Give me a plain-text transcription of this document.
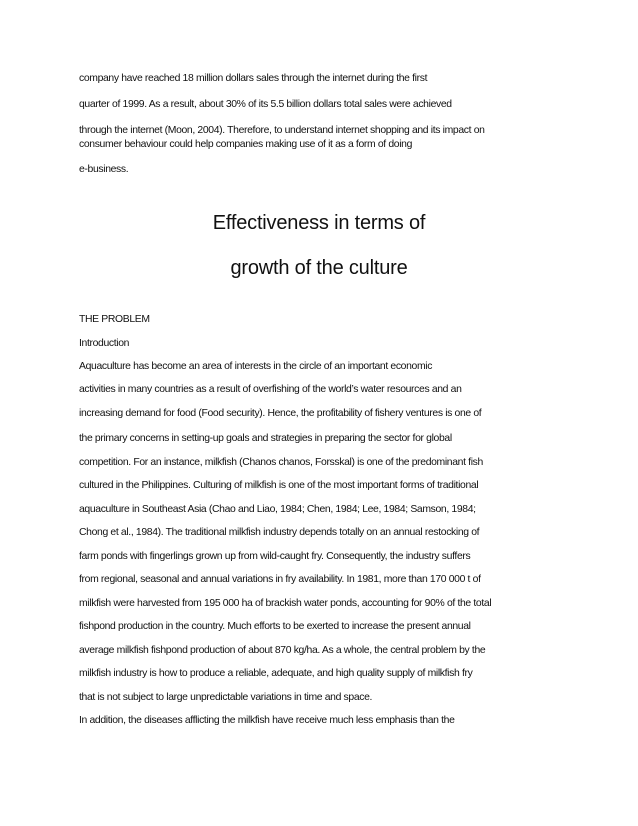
company have reached 18 million dollars sales through the internet during the first
quarter of 1999. As a result, about 30% of its 5.5 billion dollars total sales were achieved
through the internet (Moon, 2004). Therefore, to understand internet shopping and its impact on
consumer behaviour could help companies making use of it as a form of doing
e-business.
Effectiveness in terms of
growth of the culture
THE PROBLEM
Introduction
Aquaculture has become an area of interests in the circle of an important economic
activities in many countries as a result of overfishing of the world’s water resources and an
increasing demand for food (Food security). Hence, the profitability of fishery ventures is one of
the primary concerns in setting-up goals and strategies in preparing the sector for global
competition. For an instance, milkfish (Chanos chanos, Forsskal) is one of the predominant fish
cultured in the Philippines. Culturing of milkfish is one of the most important forms of traditional
aquaculture in Southeast Asia (Chao and Liao, 1984; Chen, 1984; Lee, 1984; Samson, 1984;
Chong et al., 1984). The traditional milkfish industry depends totally on an annual restocking of
farm ponds with fingerlings grown up from wild-caught fry. Consequently, the industry suffers
from regional, seasonal and annual variations in fry availability. In 1981, more than 170 000 t of
milkfish were harvested from 195 000 ha of brackish water ponds, accounting for 90% of the total
fishpond production in the country. Much efforts to be exerted to increase the present annual
average milkfish fishpond production of about 870 kg/ha. As a whole, the central problem by the
milkfish industry is how to produce a reliable, adequate, and high quality supply of milkfish fry
that is not subject to large unpredictable variations in time and space.
In addition, the diseases afflicting the milkfish have receive much less emphasis than the
